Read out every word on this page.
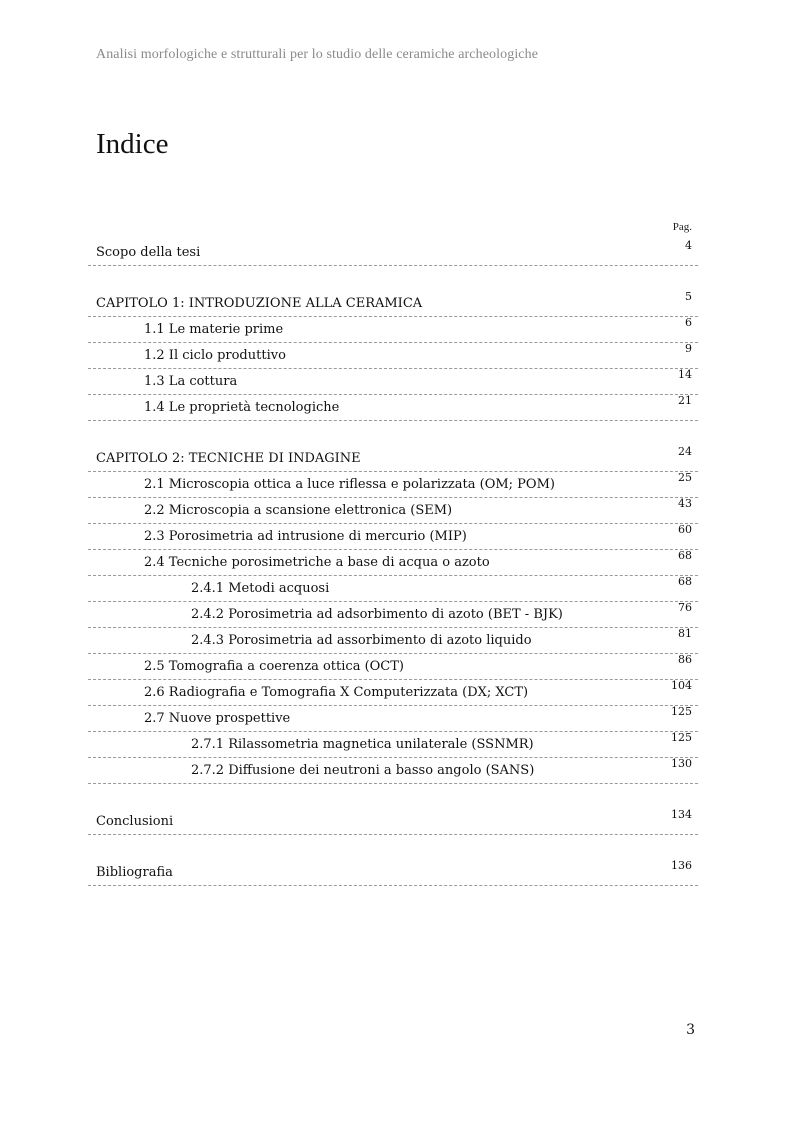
Analisi morfologiche e strutturali per lo studio delle ceramiche archeologiche
Indice
Pag.
Scopo della tesi	4
CAPITOLO 1: INTRODUZIONE ALLA CERAMICA	5
1.1 Le materie prime	6
1.2 Il ciclo produttivo	9
1.3 La cottura	14
1.4 Le proprietà tecnologiche	21
CAPITOLO 2: TECNICHE DI INDAGINE	24
2.1 Microscopia ottica a luce riflessa e polarizzata (OM; POM)	25
2.2 Microscopia a scansione elettronica (SEM)	43
2.3 Porosimetria ad intrusione di mercurio (MIP)	60
2.4 Tecniche porosimetriche a base di acqua o azoto	68
2.4.1 Metodi acquosi	68
2.4.2 Porosimetria ad adsorbimento di azoto (BET - BJK)	76
2.4.3 Porosimetria ad assorbimento di azoto liquido	81
2.5 Tomografia a coerenza ottica (OCT)	86
2.6 Radiografia e Tomografia X Computerizzata (DX; XCT)	104
2.7 Nuove prospettive	125
2.7.1 Rilassometria magnetica unilaterale (SSNMR)	125
2.7.2 Diffusione dei neutroni a basso angolo (SANS)	130
Conclusioni	134
Bibliografia	136
3
